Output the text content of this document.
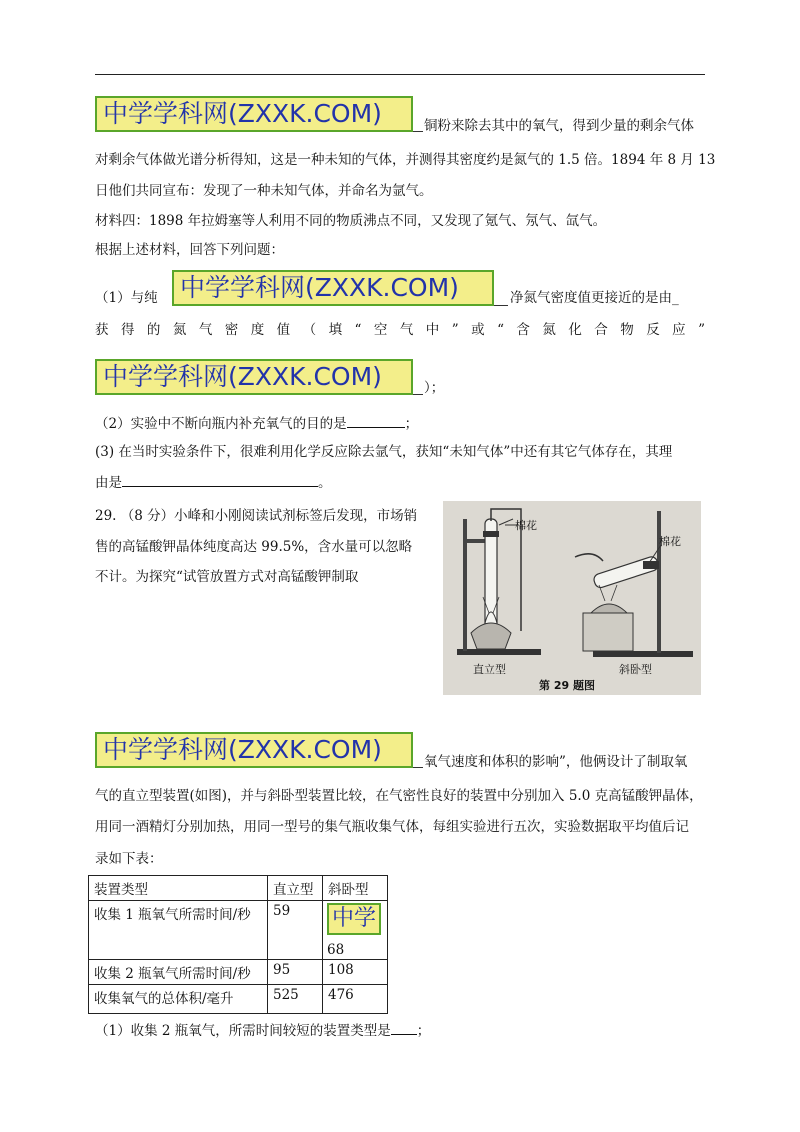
中学学科网(ZXXK.COM)	铜粉来除去其中的氧气，得到少量的剩余气体
对剩余气体做光谱分析得知，这是一种未知的气体，并测得其密度约是氮气的 1.5 倍。1894 年 8 月 13
日他们共同宣布：发现了一种未知气体，并命名为氩气。
材料四：1898 年拉姆塞等人利用不同的物质沸点不同，又发现了氪气、氖气、氙气。
根据上述材料，回答下列问题：
（1）与纯 中学学科网(ZXXK.COM)	净氮气密度值更接近的是由_
获 得 的 氮 气 密 度 值 （ 填 “ 空 气 中 ” 或 “ 含 氮 化 合 物 反 应 ”
中学学科网(ZXXK.COM)	）；
（2）实验中不断向瓶内补充氧气的目的是	；
(3) 在当时实验条件下，很难利用化学反应除去氩气，获知“未知气体”中还有其它气体存在，其理
由是	。
29. （8 分）小峰和小刚阅读试剂标签后发现，市场销
售的高锰酸钾晶体纯度高达 99.5%，含水量可以忽略
不计。为探究“试管放置方式对高锰酸钾制取
棉花
棉花
直立型	斜卧型
第 29 题图
中学学科网(ZXXK.COM)	氧气速度和体积的影响”，他俩设计了制取氧
气的直立型装置(如图)，并与斜卧型装置比较，在气密性良好的装置中分别加入 5.0 克高锰酸钾晶体，
用同一酒精灯分别加热，用同一型号的集气瓶收集气体，每组实验进行五次，实验数据取平均值后记
录如下表：
装置类型	直立型	斜卧型
收集 1 瓶氧气所需时间/秒	59	中学
68

收集 2 瓶氧气所需时间/秒	95	108
收集氧气的总体积/毫升	525	476
（1）收集 2 瓶氧气，所需时间较短的装置类型是 ；
